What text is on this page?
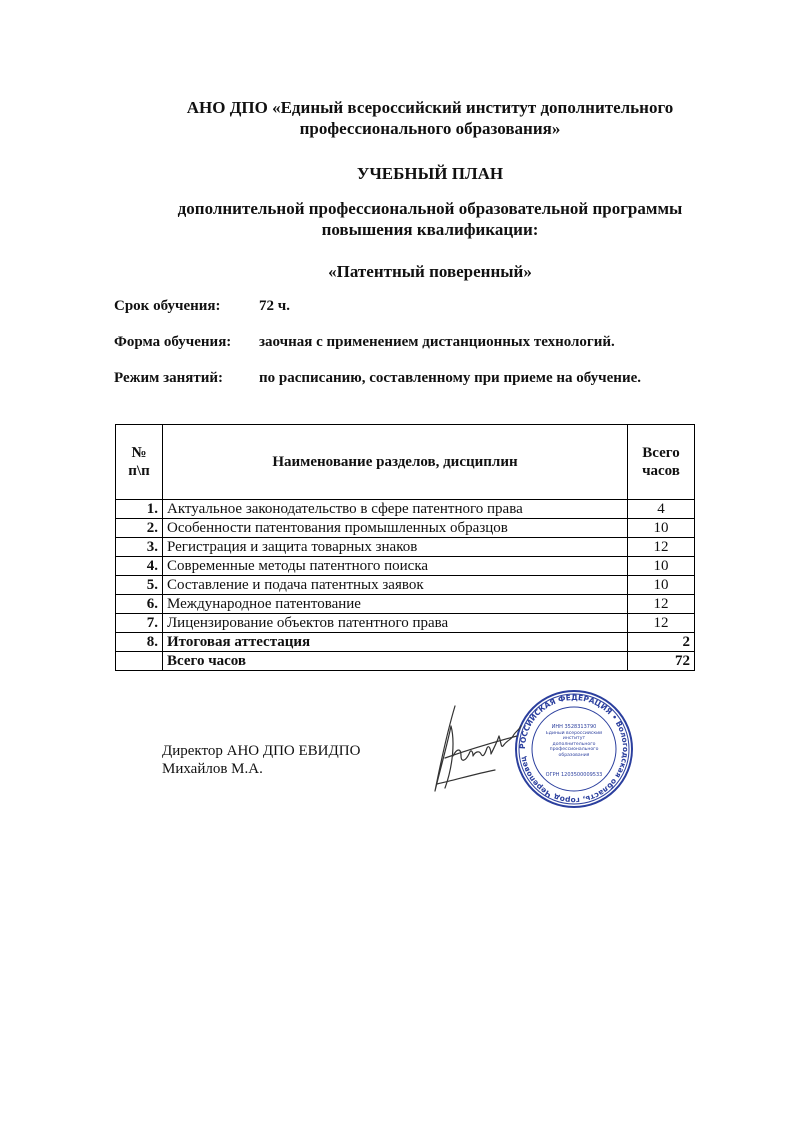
АНО ДПО «Единый всероссийский институт дополнительного
профессионального образования»
УЧЕБНЫЙ ПЛАН
дополнительной профессиональной образовательной программы
повышения квалификации:
«Патентный поверенный»
Срок обучения:	72 ч.
Форма обучения: заочная с применением дистанционных технологий.
Режим занятий: по расписанию, составленному при приеме на обучение.
№ п\п	Наименование разделов, дисциплин	Всего
часов
1.	Актуальное законодательство в сфере патентного права	4
2.	Особенности патентования промышленных образцов	10
3.	Регистрация и защита товарных знаков	12
4.	Современные методы патентного поиска	10
5.	Составление и подача патентных заявок	10
6.	Международное патентование	12
7.	Лицензирование объектов патентного права	12
8.	Итоговая аттестация	2
	Всего часов	72
Директор АНО ДПО ЕВИДПО
Михайлов М.А.
РОССИЙСКАЯ ФЕДЕРАЦИЯ • Вологодская область, город Череповец
ИНН 3528313790
Единый всероссийский институт дополнительного профессионального образования
ОГРН 1203500009533
